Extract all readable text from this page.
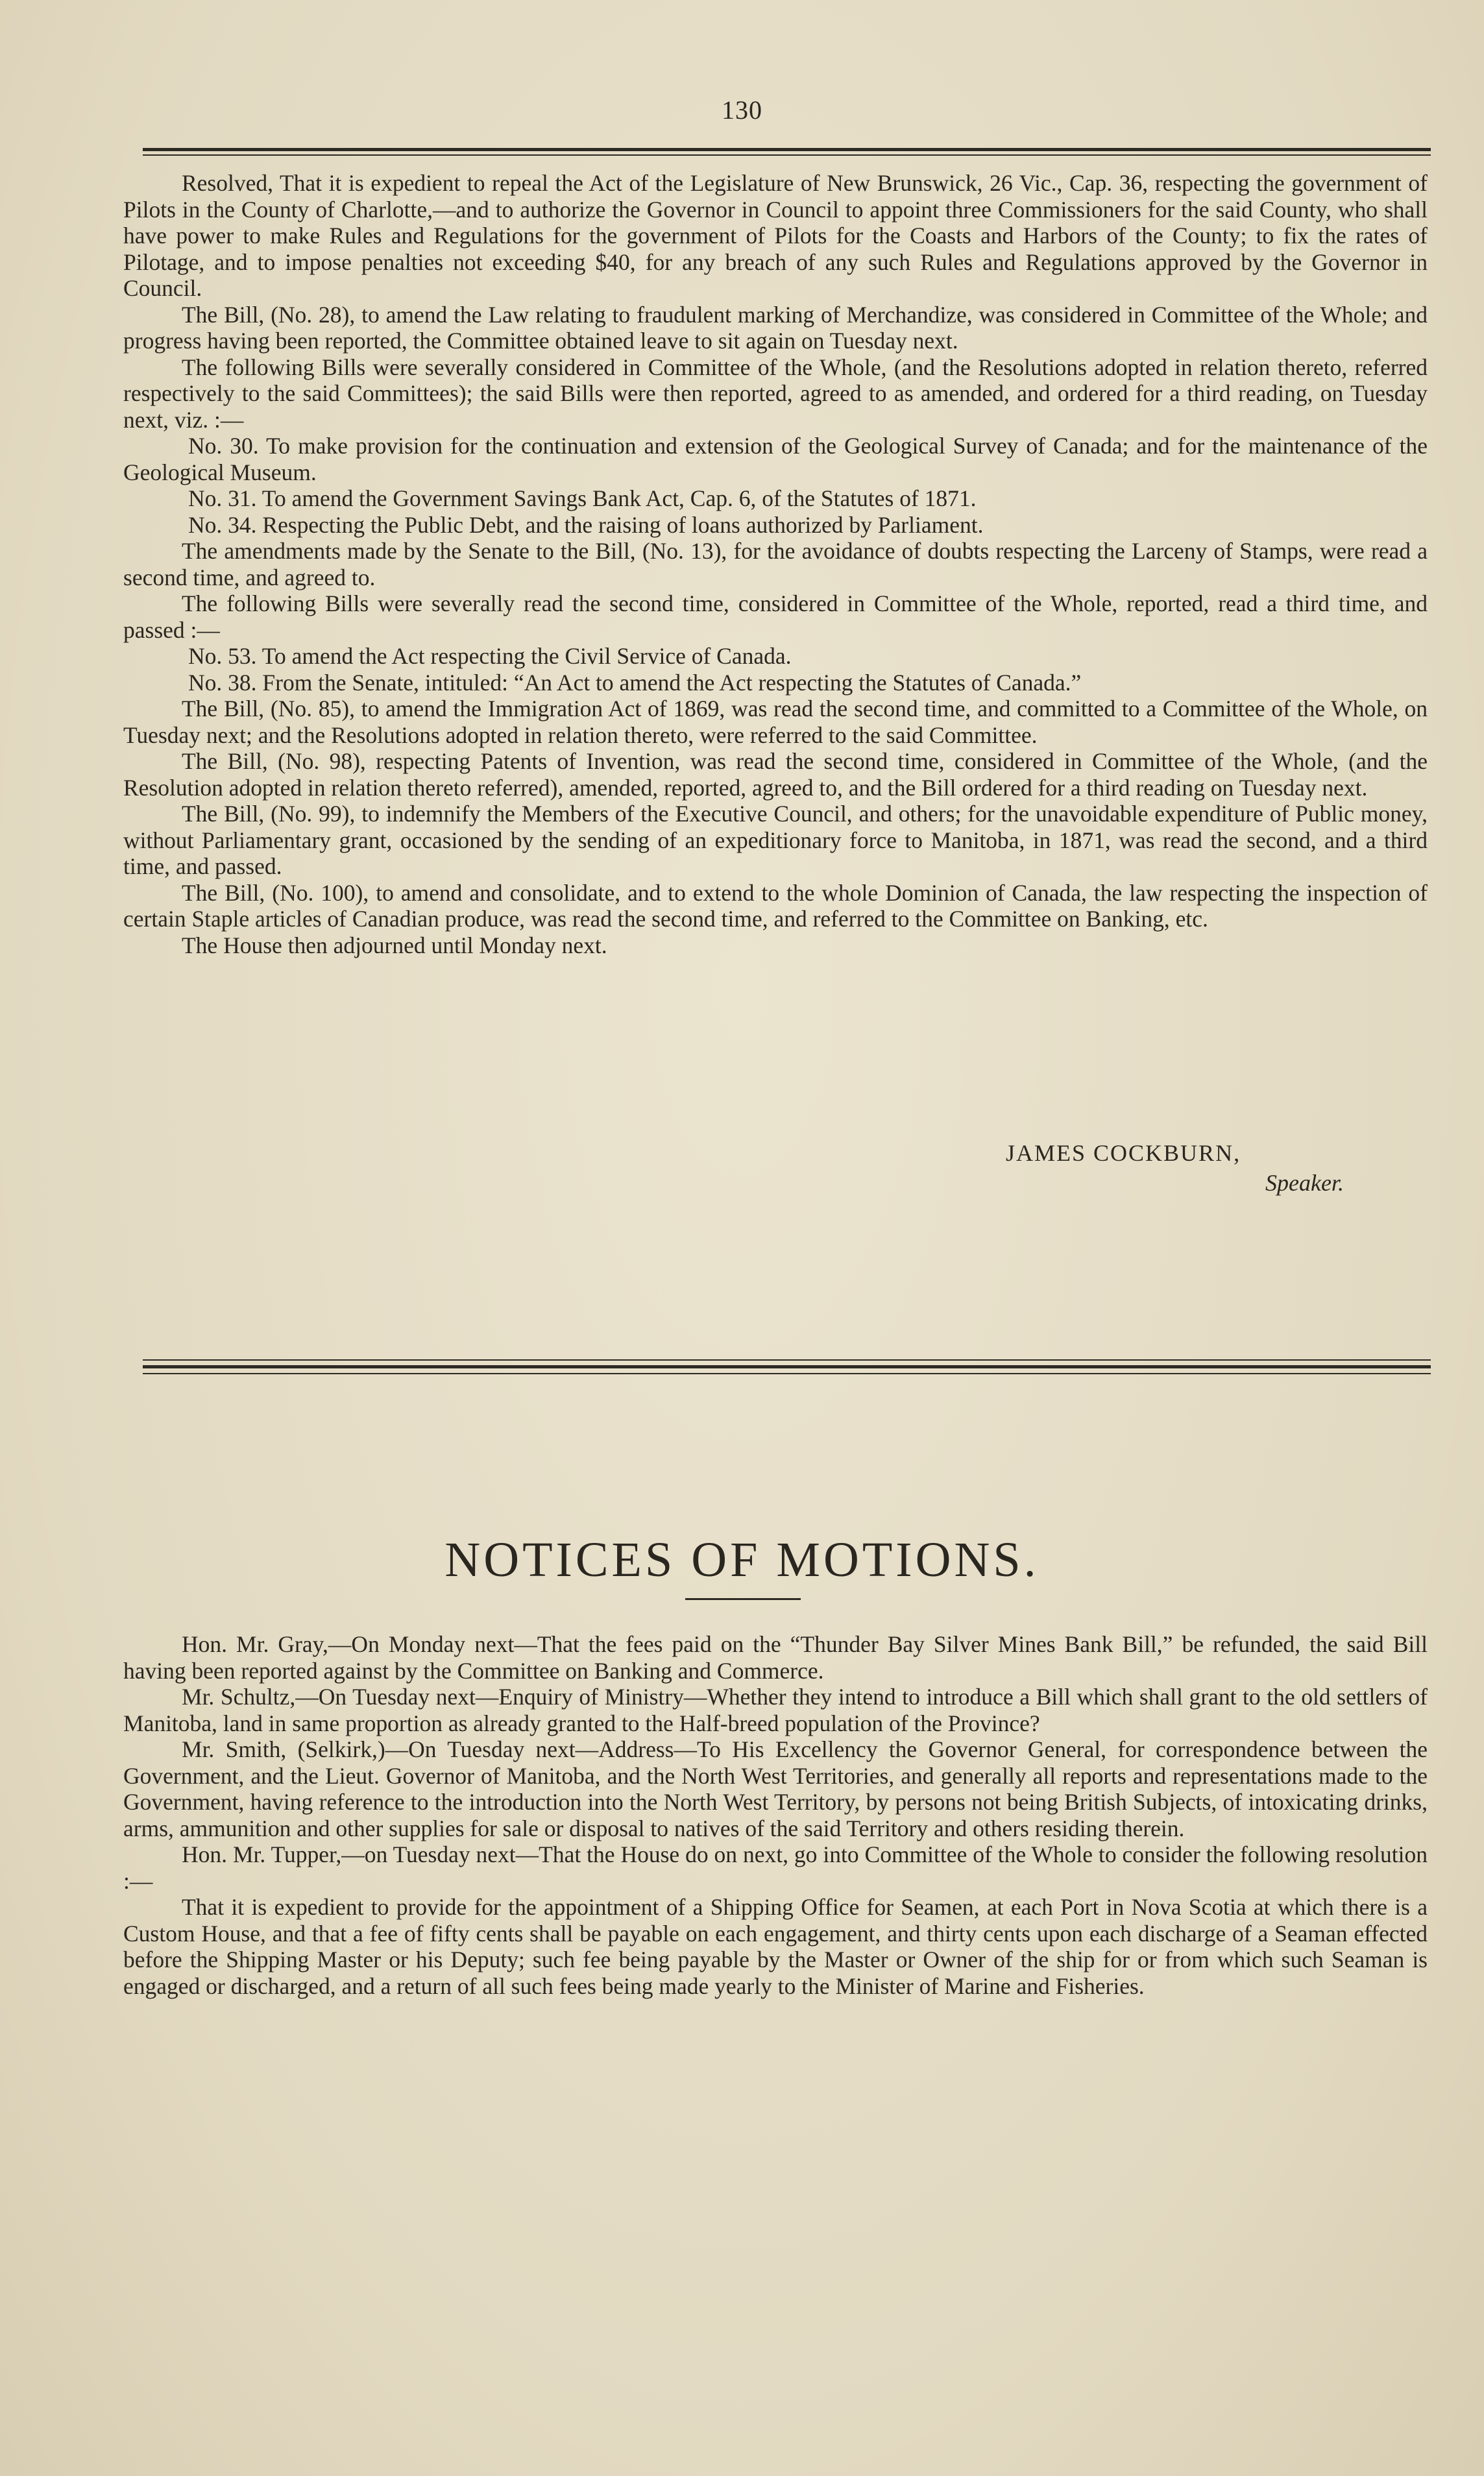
130

Resolved, That it is expedient to repeal the Act of the Legislature of New Brunswick, 26 Vic., Cap. 36, respecting the government of Pilots in the County of Charlotte,—and to authorize the Governor in Council to appoint three Commissioners for the said County, who shall have power to make Rules and Regulations for the government of Pilots for the Coasts and Harbors of the County; to fix the rates of Pilotage, and to impose penalties not exceeding $40, for any breach of any such Rules and Regulations approved by the Governor in Council.

The Bill, (No. 28), to amend the Law relating to fraudulent marking of Merchandize, was considered in Committee of the Whole; and progress having been reported, the Committee obtained leave to sit again on Tuesday next.

The following Bills were severally considered in Committee of the Whole, (and the Resolutions adopted in relation thereto, referred respectively to the said Committees); the said Bills were then reported, agreed to as amended, and ordered for a third reading, on Tuesday next, viz. :—

No. 30. To make provision for the continuation and extension of the Geological Survey of Canada; and for the maintenance of the Geological Museum.

No. 31. To amend the Government Savings Bank Act, Cap. 6, of the Statutes of 1871.

No. 34. Respecting the Public Debt, and the raising of loans authorized by Parliament.

The amendments made by the Senate to the Bill, (No. 13), for the avoidance of doubts respecting the Larceny of Stamps, were read a second time, and agreed to.

The following Bills were severally read the second time, considered in Committee of the Whole, reported, read a third time, and passed :—

No. 53. To amend the Act respecting the Civil Service of Canada.

No. 38. From the Senate, intituled: “An Act to amend the Act respecting the Statutes of Canada.”

The Bill, (No. 85), to amend the Immigration Act of 1869, was read the second time, and committed to a Committee of the Whole, on Tuesday next; and the Resolutions adopted in relation thereto, were referred to the said Committee.

The Bill, (No. 98), respecting Patents of Invention, was read the second time, considered in Committee of the Whole, (and the Resolution adopted in relation thereto referred), amended, reported, agreed to, and the Bill ordered for a third reading on Tuesday next.

The Bill, (No. 99), to indemnify the Members of the Executive Council, and others; for the unavoidable expenditure of Public money, without Parliamentary grant, occasioned by the sending of an expeditionary force to Manitoba, in 1871, was read the second, and a third time, and passed.

The Bill, (No. 100), to amend and consolidate, and to extend to the whole Dominion of Canada, the law respecting the inspection of certain Staple articles of Canadian produce, was read the second time, and referred to the Committee on Banking, etc.

The House then adjourned until Monday next.

JAMES COCKBURN,
Speaker.
NOTICES OF MOTIONS.

Hon. Mr. Gray,—On Monday next—That the fees paid on the “Thunder Bay Silver Mines Bank Bill,” be refunded, the said Bill having been reported against by the Committee on Banking and Commerce.

Mr. Schultz,—On Tuesday next—Enquiry of Ministry—Whether they intend to introduce a Bill which shall grant to the old settlers of Manitoba, land in same proportion as already granted to the Half-breed population of the Province?

Mr. Smith, (Selkirk,)—On Tuesday next—Address—To His Excellency the Governor General, for correspondence between the Government, and the Lieut. Governor of Manitoba, and the North West Territories, and generally all reports and representations made to the Government, having reference to the introduction into the North West Territory, by persons not being British Subjects, of intoxicating drinks, arms, ammunition and other supplies for sale or disposal to natives of the said Territory and others residing therein.

Hon. Mr. Tupper,—on Tuesday next—That the House do on next, go into Committee of the Whole to consider the following resolution :—

That it is expedient to provide for the appointment of a Shipping Office for Seamen, at each Port in Nova Scotia at which there is a Custom House, and that a fee of fifty cents shall be payable on each engagement, and thirty cents upon each discharge of a Seaman effected before the Shipping Master or his Deputy; such fee being payable by the Master or Owner of the ship for or from which such Seaman is engaged or discharged, and a return of all such fees being made yearly to the Minister of Marine and Fisheries.
